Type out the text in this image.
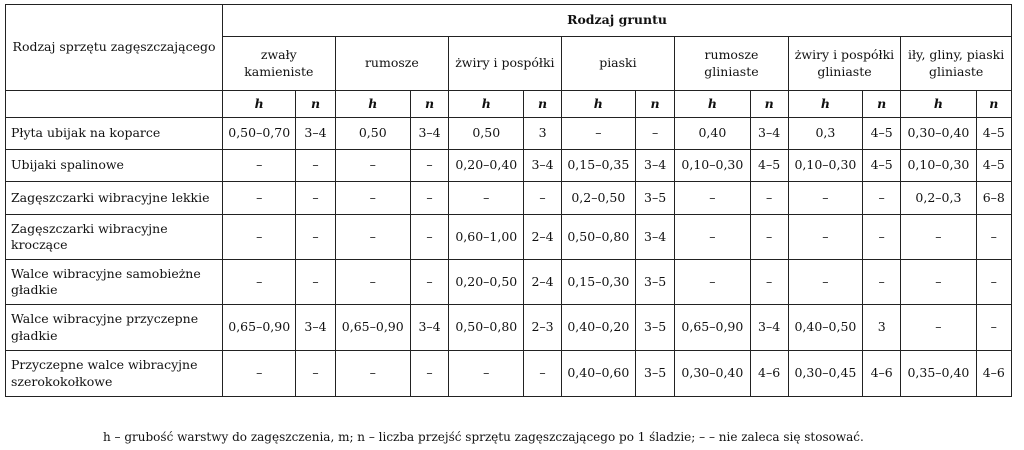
Rodzaj sprzętu zagęszczającego	Rodzaj gruntu													
	zwały kamieniste		rumosze		żwiry i pospółki		piaski		rumosze gliniaste		żwiry i pospółki gliniaste		iły, gliny, piaski gliniaste	
	h	n	h	n	h	n	h	n	h	n	h	n	h	n
Płyta ubijak na koparce	0,50–0,70	3–4	0,50	3–4	0,50	3	–	–	0,40	3–4	0,3	4–5	0,30–0,40	4–5
Ubijaki spalinowe	–	–	–	–	0,20–0,40	3–4	0,15–0,35	3–4	0,10–0,30	4–5	0,10–0,30	4–5	0,10–0,30	4–5
Zagęszczarki wibracyjne lekkie	–	–	–	–	–	–	0,2–0,50	3–5	–	–	–	–	0,2–0,3	6–8
Zagęszczarki wibracyjne kroczące	–	–	–	–	0,60–1,00	2–4	0,50–0,80	3–4	–	–	–	–	–	–
Walce wibracyjne samobieżne gładkie	–	–	–	–	0,20–0,50	2–4	0,15–0,30	3–5	–	–	–	–	–	–
Walce wibracyjne przyczepne gładkie	0,65–0,90	3–4	0,65–0,90	3–4	0,50–0,80	2–3	0,40–0,20	3–5	0,65–0,90	3–4	0,40–0,50	3	–	–
Przyczepne walce wibracyjne szerokokołkowe	–	–	–	–	–	–	0,40–0,60	3–5	0,30–0,40	4–6	0,30–0,45	4–6	0,35–0,40	4–6
h – grubość warstwy do zagęszczenia, m; n – liczba przejść sprzętu zagęszczającego po 1 śladzie; – – nie zaleca się stosować.
